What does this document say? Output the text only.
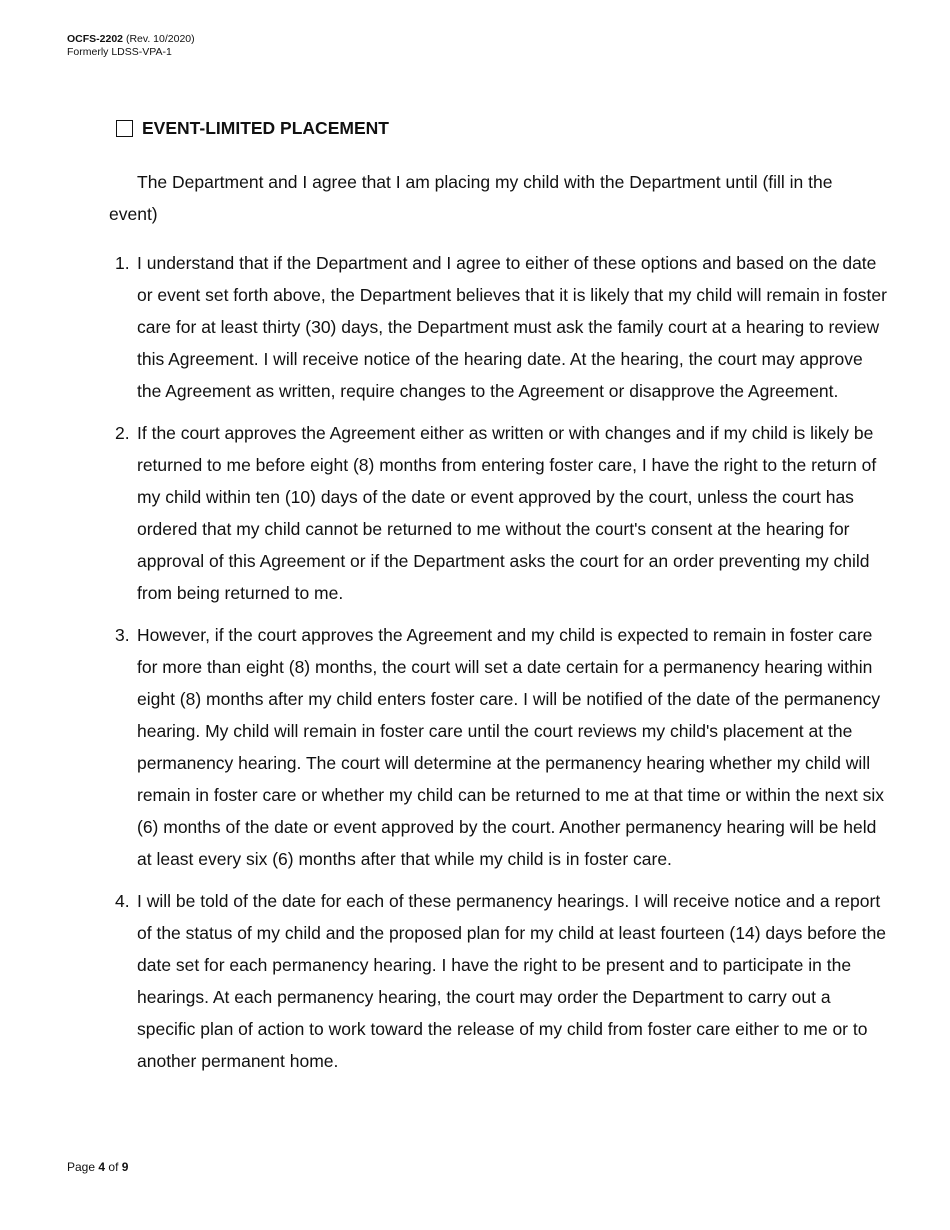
OCFS-2202 (Rev. 10/2020)
Formerly LDSS-VPA-1
EVENT-LIMITED PLACEMENT

The Department and I agree that I am placing my child with the Department until (fill in the event)

1. I understand that if the Department and I agree to either of these options and based on the date or event set forth above, the Department believes that it is likely that my child will remain in foster care for at least thirty (30) days, the Department must ask the family court at a hearing to review this Agreement. I will receive notice of the hearing date. At the hearing, the court may approve the Agreement as written, require changes to the Agreement or disapprove the Agreement.
2. If the court approves the Agreement either as written or with changes and if my child is likely be returned to me before eight (8) months from entering foster care, I have the right to the return of my child within ten (10) days of the date or event approved by the court, unless the court has ordered that my child cannot be returned to me without the court's consent at the hearing for approval of this Agreement or if the Department asks the court for an order preventing my child from being returned to me.
3. However, if the court approves the Agreement and my child is expected to remain in foster care for more than eight (8) months, the court will set a date certain for a permanency hearing within eight (8) months after my child enters foster care. I will be notified of the date of the permanency hearing. My child will remain in foster care until the court reviews my child's placement at the permanency hearing. The court will determine at the permanency hearing whether my child will remain in foster care or whether my child can be returned to me at that time or within the next six (6) months of the date or event approved by the court. Another permanency hearing will be held at least every six (6) months after that while my child is in foster care.
4. I will be told of the date for each of these permanency hearings. I will receive notice and a report of the status of my child and the proposed plan for my child at least fourteen (14) days before the date set for each permanency hearing. I have the right to be present and to participate in the hearings. At each permanency hearing, the court may order the Department to carry out a specific plan of action to work toward the release of my child from foster care either to me or to another permanent home.
Page 4 of 9
